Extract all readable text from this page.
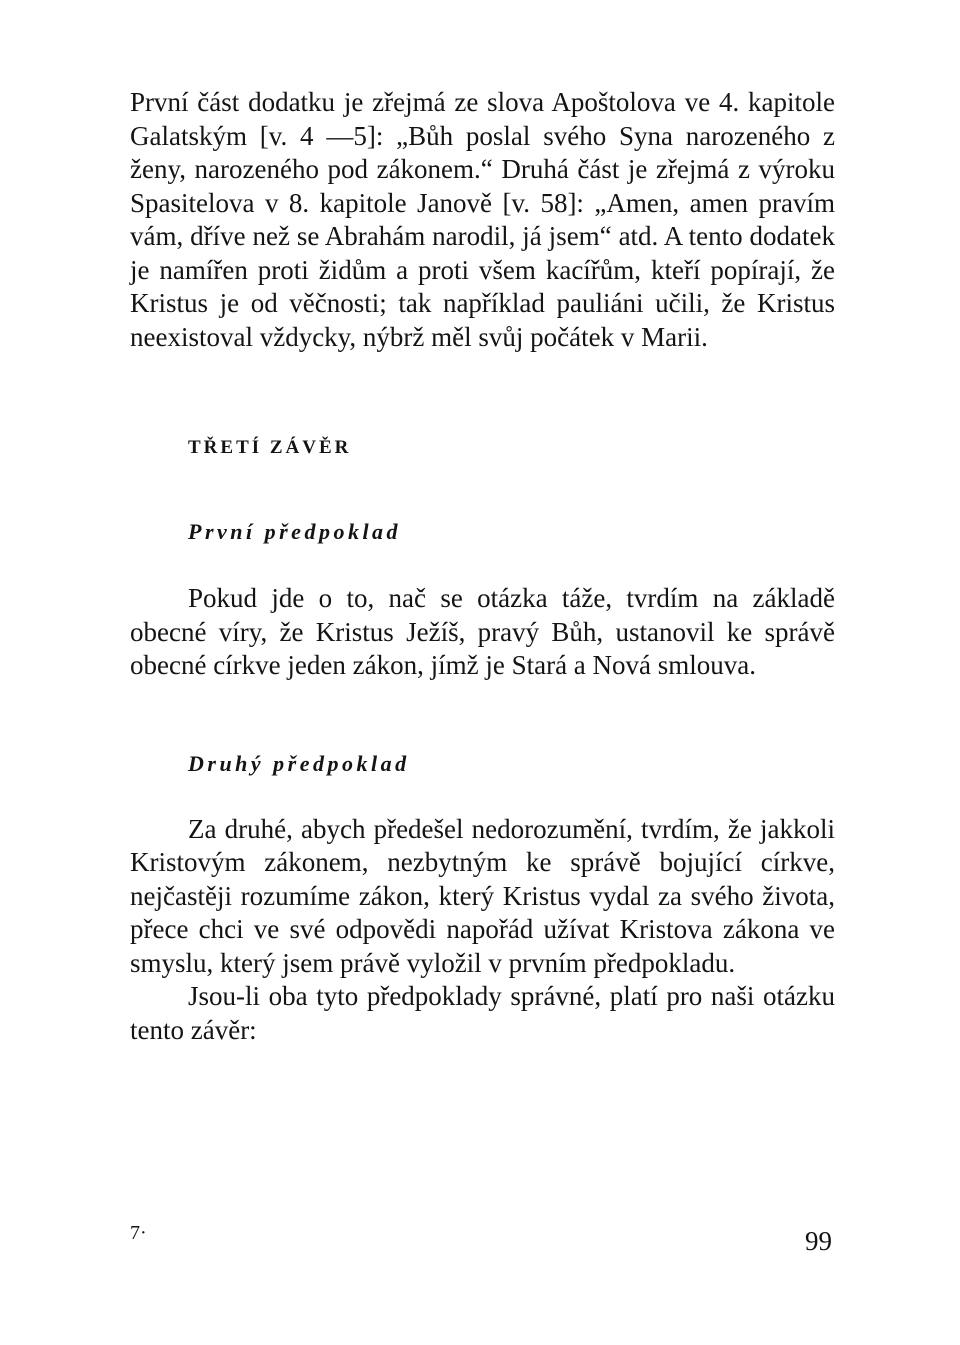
První část dodatku je zřejmá ze slova Apoštolova ve 4. kapitole Galatským [v. 4 —5]: „Bůh poslal svého Syna narozeného z ženy, narozeného pod zákonem.“ Druhá část je zřejmá z výroku Spasitelova v 8. kapitole Janově [v. 58]: „Amen, amen pravím vám, dříve než se Abrahám narodil, já jsem“ atd. A tento dodatek je namířen proti židům a proti všem kacířům, kteří popírají, že Kristus je od věčnosti; tak například pauliáni učili, že Kristus neexistoval vždycky, nýbrž měl svůj počátek v Marii.

TŘETÍ ZÁVĚR
První předpoklad

Pokud jde o to, nač se otázka táže, tvrdím na základě obecné víry, že Kristus Ježíš, pravý Bůh, ustanovil ke správě obecné církve jeden zákon, jímž je Stará a Nová smlouva.

Druhý předpoklad

Za druhé, abych předešel nedorozumění, tvrdím, že jakkoli Kristovým zákonem, nezbytným ke správě bojující církve, nejčastěji rozumíme zákon, který Kristus vydal za svého života, přece chci ve své odpovědi napořád užívat Kristova zákona ve smyslu, který jsem právě vyložil v prvním předpokladu.

Jsou-li oba tyto předpoklady správné, platí pro naši otázku tento závěr:

7·	99
